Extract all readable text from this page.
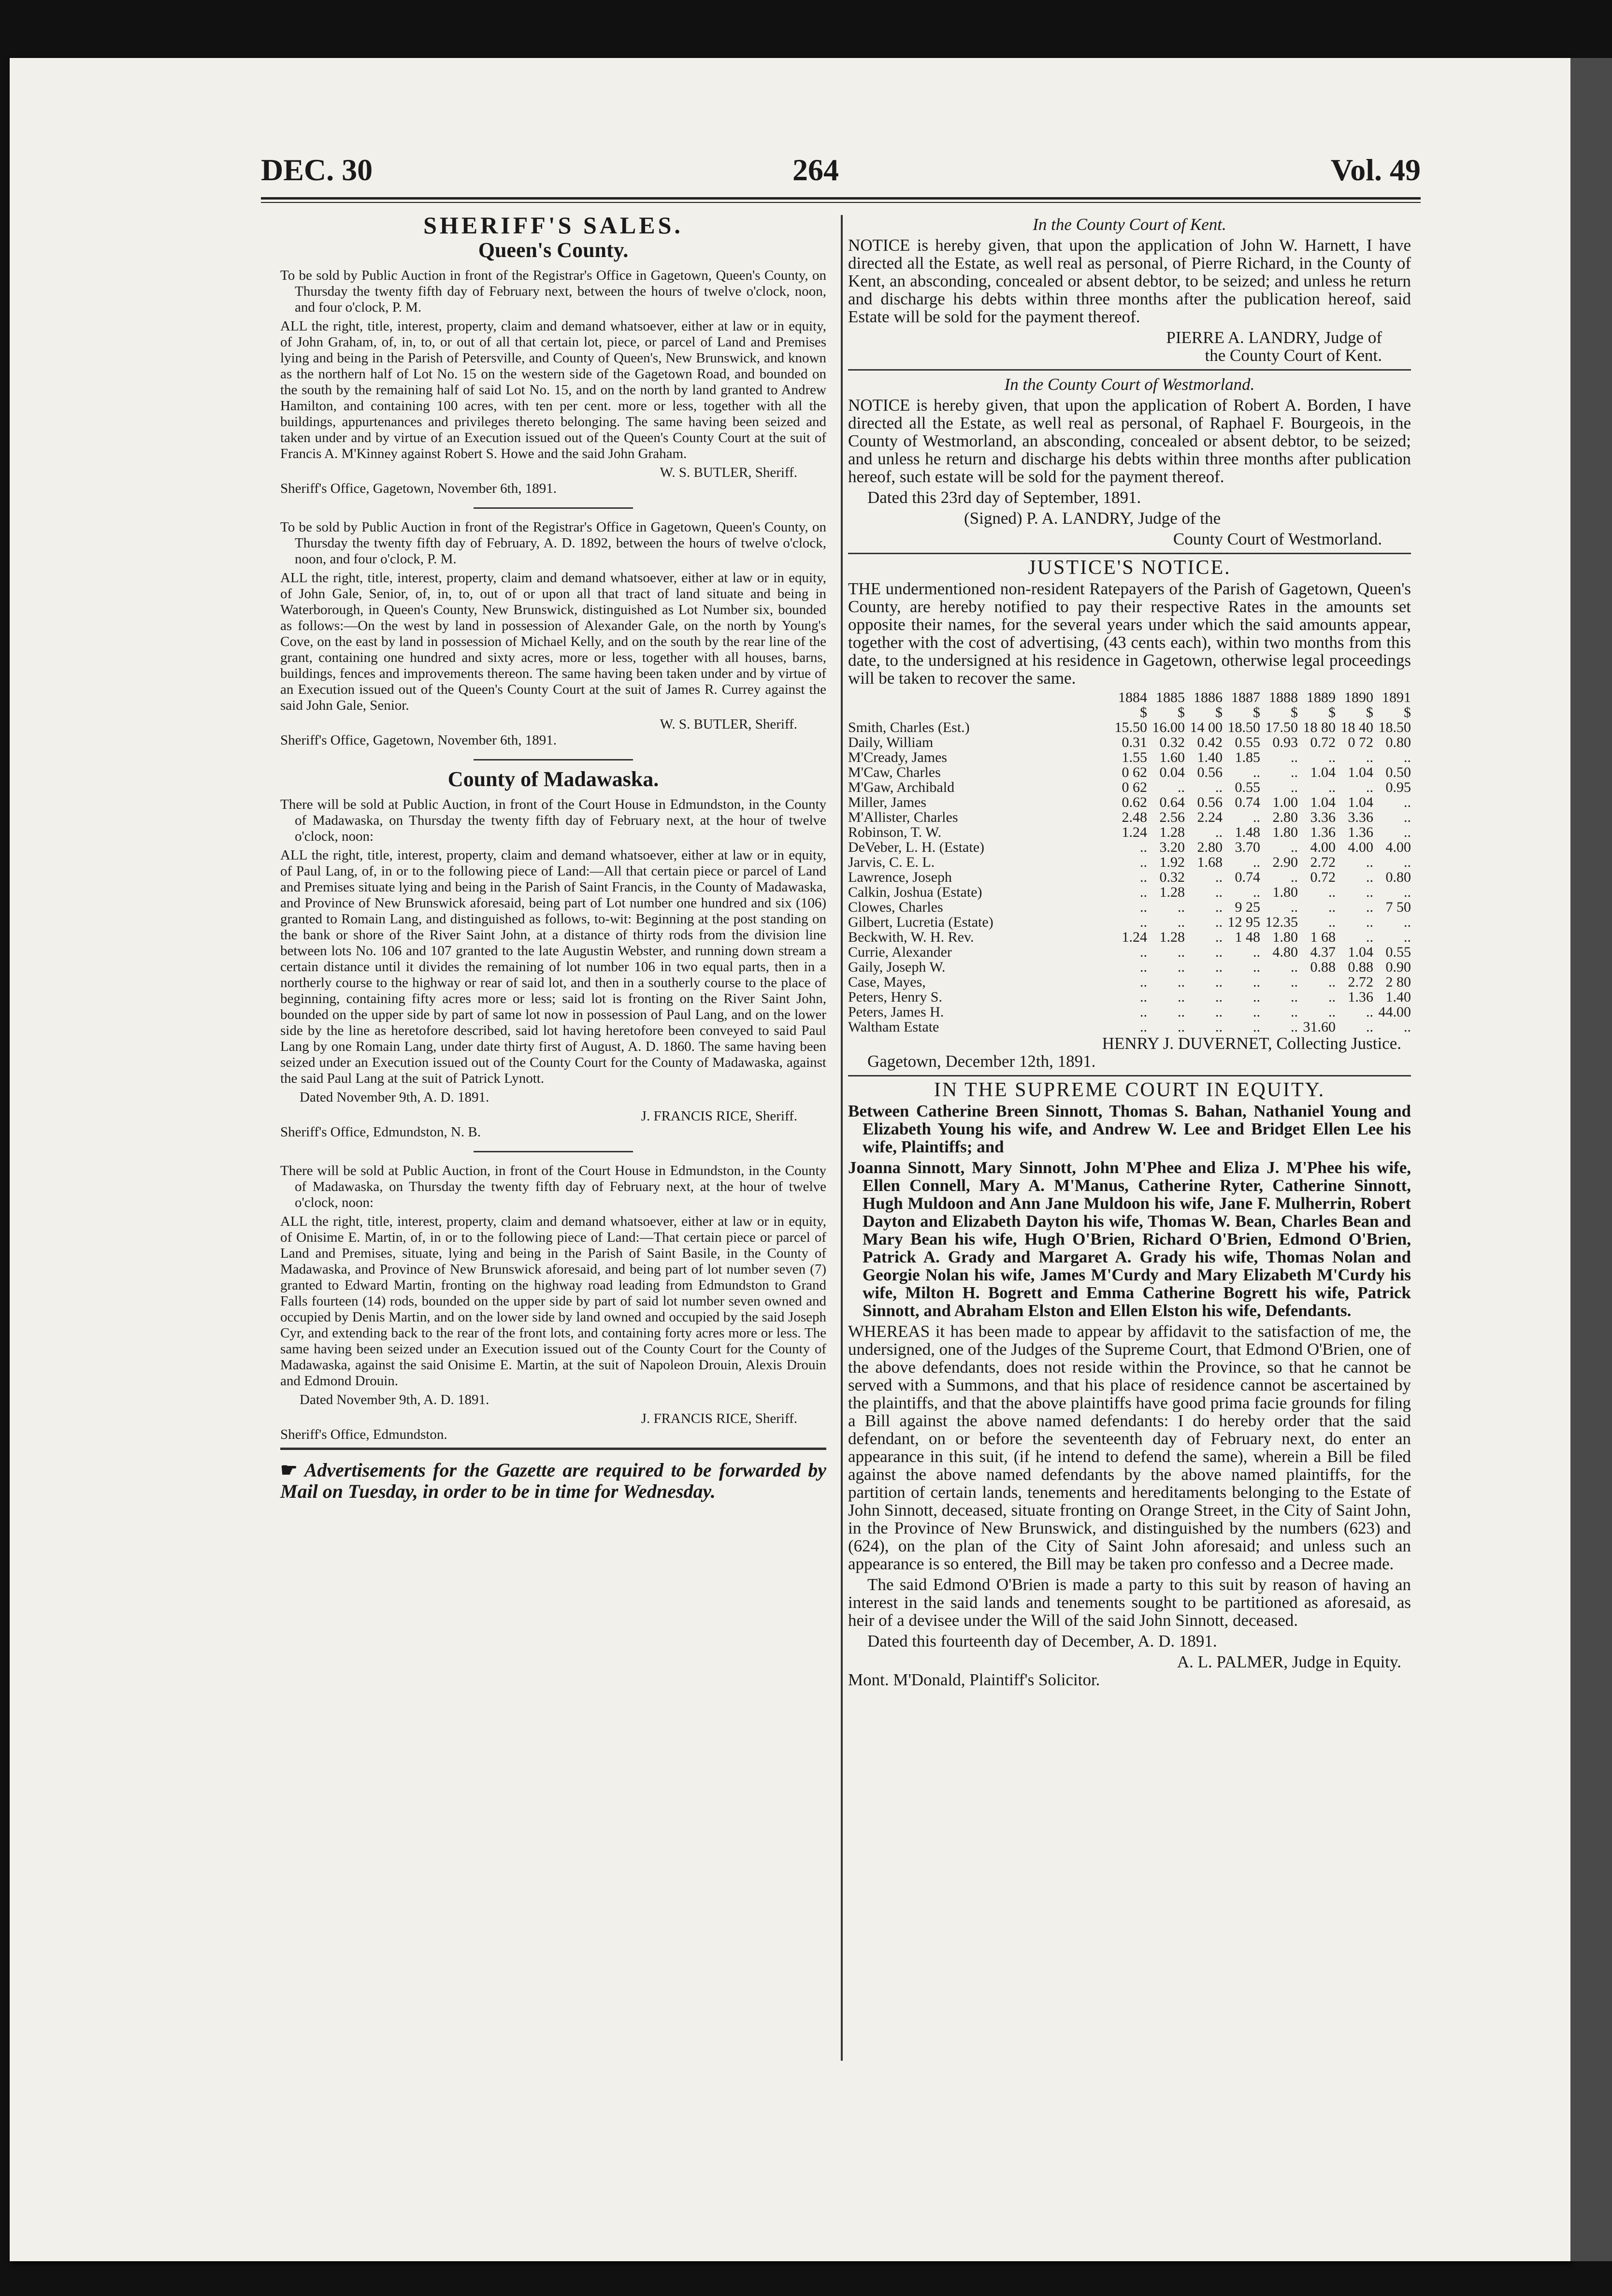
DEC. 30	264	Vol. 49
SHERIFF'S SALES.
Queen's County.
To be sold by Public Auction in front of the Registrar's Office in Gagetown, Queen's County, on Thursday the twenty fifth day of February next, between the hours of twelve o'clock, noon, and four o'clock, P. M.
ALL the right, title, interest, property, claim and demand whatsoever, either at law or in equity, of John Graham, of, in, to, or out of all that certain lot, piece, or parcel of Land and Premises lying and being in the Parish of Petersville, and County of Queen's, New Brunswick, and known as the northern half of Lot No. 15 on the western side of the Gagetown Road, and bounded on the south by the remaining half of said Lot No. 15, and on the north by land granted to Andrew Hamilton, and containing 100 acres, with ten per cent. more or less, together with all the buildings, appurtenances and privileges thereto belonging. The same having been seized and taken under and by virtue of an Execution issued out of the Queen's County Court at the suit of Francis A. M'Kinney against Robert S. Howe and the said John Graham.
W. S. BUTLER, Sheriff.
Sheriff's Office, Gagetown, November 6th, 1891.
To be sold by Public Auction in front of the Registrar's Office in Gagetown, Queen's County, on Thursday the twenty fifth day of February, A. D. 1892, between the hours of twelve o'clock, noon, and four o'clock, P. M.
ALL the right, title, interest, property, claim and demand whatsoever, either at law or in equity, of John Gale, Senior, of, in, to, out of or upon all that tract of land situate and being in Waterborough, in Queen's County, New Brunswick, distinguished as Lot Number six, bounded as follows:—On the west by land in possession of Alexander Gale, on the north by Young's Cove, on the east by land in possession of Michael Kelly, and on the south by the rear line of the grant, containing one hundred and sixty acres, more or less, together with all houses, barns, buildings, fences and improvements thereon. The same having been taken under and by virtue of an Execution issued out of the Queen's County Court at the suit of James R. Currey against the said John Gale, Senior.
W. S. BUTLER, Sheriff.
Sheriff's Office, Gagetown, November 6th, 1891.
County of Madawaska.
There will be sold at Public Auction, in front of the Court House in Edmundston, in the County of Madawaska, on Thursday the twenty fifth day of February next, at the hour of twelve o'clock, noon:
ALL the right, title, interest, property, claim and demand whatsoever, either at law or in equity, of Paul Lang, of, in or to the following piece of Land:—All that certain piece or parcel of Land and Premises situate lying and being in the Parish of Saint Francis, in the County of Madawaska, and Province of New Brunswick aforesaid, being part of Lot number one hundred and six (106) granted to Romain Lang, and distinguished as follows, to-wit: Beginning at the post standing on the bank or shore of the River Saint John, at a distance of thirty rods from the division line between lots No. 106 and 107 granted to the late Augustin Webster, and running down stream a certain distance until it divides the remaining of lot number 106 in two equal parts, then in a northerly course to the highway or rear of said lot, and then in a southerly course to the place of beginning, containing fifty acres more or less; said lot is fronting on the River Saint John, bounded on the upper side by part of same lot now in possession of Paul Lang, and on the lower side by the line as heretofore described, said lot having heretofore been conveyed to said Paul Lang by one Romain Lang, under date thirty first of August, A. D. 1860. The same having been seized under an Execution issued out of the County Court for the County of Madawaska, against the said Paul Lang at the suit of Patrick Lynott.
Dated November 9th, A. D. 1891.
J. FRANCIS RICE, Sheriff.
Sheriff's Office, Edmundston, N. B.
There will be sold at Public Auction, in front of the Court House in Edmundston, in the County of Madawaska, on Thursday the twenty fifth day of February next, at the hour of twelve o'clock, noon:
ALL the right, title, interest, property, claim and demand whatsoever, either at law or in equity, of Onisime E. Martin, of, in or to the following piece of Land:—That certain piece or parcel of Land and Premises, situate, lying and being in the Parish of Saint Basile, in the County of Madawaska, and Province of New Brunswick aforesaid, and being part of lot number seven (7) granted to Edward Martin, fronting on the highway road leading from Edmundston to Grand Falls fourteen (14) rods, bounded on the upper side by part of said lot number seven owned and occupied by Denis Martin, and on the lower side by land owned and occupied by the said Joseph Cyr, and extending back to the rear of the front lots, and containing forty acres more or less. The same having been seized under an Execution issued out of the County Court for the County of Madawaska, against the said Onisime E. Martin, at the suit of Napoleon Drouin, Alexis Drouin and Edmond Drouin.
Dated November 9th, A. D. 1891.
J. FRANCIS RICE, Sheriff.
Sheriff's Office, Edmundston.
☛ Advertisements for the Gazette are required to be forwarded by Mail on Tuesday, in order to be in time for Wednesday.
In the County Court of Kent.
NOTICE is hereby given, that upon the application of John W. Harnett, I have directed all the Estate, as well real as personal, of Pierre Richard, in the County of Kent, an absconding, concealed or absent debtor, to be seized; and unless he return and discharge his debts within three months after the publication hereof, said Estate will be sold for the payment thereof.
PIERRE A. LANDRY, Judge of
the County Court of Kent.
In the County Court of Westmorland.
NOTICE is hereby given, that upon the application of Robert A. Borden, I have directed all the Estate, as well real as personal, of Raphael F. Bourgeois, in the County of Westmorland, an absconding, concealed or absent debtor, to be seized; and unless he return and discharge his debts within three months after publication hereof, such estate will be sold for the payment thereof.
Dated this 23rd day of September, 1891.
(Signed) P. A. LANDRY, Judge of the
County Court of Westmorland.
JUSTICE'S NOTICE.
THE undermentioned non-resident Ratepayers of the Parish of Gagetown, Queen's County, are hereby notified to pay their respective Rates in the amounts set opposite their names, for the several years under which the said amounts appear, together with the cost of advertising, (43 cents each), within two months from this date, to the undersigned at his residence in Gagetown, otherwise legal proceedings will be taken to recover the same.
	1884	1885	1886	1887	1888	1889	1890	1891
	$	$	$	$	$	$	$	$
Smith, Charles (Est.)	15.50	16.00	14 00	18.50	17.50	18 80	18 40	18.50
Daily, William	0.31	0.32	0.42	0.55	0.93	0.72	0 72	0.80
M'Cready, James	1.55	1.60	1.40	1.85	..	..	..	..
M'Caw, Charles	0 62	0.04	0.56	..	..	1.04	1.04	0.50
M'Gaw, Archibald	0 62	..	..	0.55	..	..	..	0.95
Miller, James	0.62	0.64	0.56	0.74	1.00	1.04	1.04	..
M'Allister, Charles	2.48	2.56	2.24	..	2.80	3.36	3.36	..
Robinson, T. W.	1.24	1.28	..	1.48	1.80	1.36	1.36	..
DeVeber, L. H. (Estate)	..	3.20	2.80	3.70	..	4.00	4.00	4.00
Jarvis, C. E. L.	..	1.92	1.68	..	2.90	2.72	..	..
Lawrence, Joseph	..	0.32	..	0.74	..	0.72	..	0.80
Calkin, Joshua (Estate)	..	1.28	..	..	1.80	..	..	..
Clowes, Charles	..	..	..	9 25	..	..	..	7 50
Gilbert, Lucretia (Estate)	..	..	..	12 95	12.35	..	..	..
Beckwith, W. H. Rev.	1.24	1.28	..	1 48	1.80	1 68	..	..
Currie, Alexander	..	..	..	..	4.80	4.37	1.04	0.55
Gaily, Joseph W.	..	..	..	..	..	0.88	0.88	0.90
Case, Mayes,	..	..	..	..	..	..	2.72	2 80
Peters, Henry S.	..	..	..	..	..	..	1.36	1.40
Peters, James H.	..	..	..	..	..	..	..	44.00
Waltham Estate	..	..	..	..	..	31.60	..	..
HENRY J. DUVERNET, Collecting Justice.
Gagetown, December 12th, 1891.
IN THE SUPREME COURT IN EQUITY.
Between Catherine Breen Sinnott, Thomas S. Bahan, Nathaniel Young and Elizabeth Young his wife, and Andrew W. Lee and Bridget Ellen Lee his wife, Plaintiffs; and
Joanna Sinnott, Mary Sinnott, John M'Phee and Eliza J. M'Phee his wife, Ellen Connell, Mary A. M'Manus, Catherine Ryter, Catherine Sinnott, Hugh Muldoon and Ann Jane Muldoon his wife, Jane F. Mulherrin, Robert Dayton and Elizabeth Dayton his wife, Thomas W. Bean, Charles Bean and Mary Bean his wife, Hugh O'Brien, Richard O'Brien, Edmond O'Brien, Patrick A. Grady and Margaret A. Grady his wife, Thomas Nolan and Georgie Nolan his wife, James M'Curdy and Mary Elizabeth M'Curdy his wife, Milton H. Bogrett and Emma Catherine Bogrett his wife, Patrick Sinnott, and Abraham Elston and Ellen Elston his wife, Defendants.
WHEREAS it has been made to appear by affidavit to the satisfaction of me, the undersigned, one of the Judges of the Supreme Court, that Edmond O'Brien, one of the above defendants, does not reside within the Province, so that he cannot be served with a Summons, and that his place of residence cannot be ascertained by the plaintiffs, and that the above plaintiffs have good prima facie grounds for filing a Bill against the above named defendants: I do hereby order that the said defendant, on or before the seventeenth day of February next, do enter an appearance in this suit, (if he intend to defend the same), wherein a Bill be filed against the above named defendants by the above named plaintiffs, for the partition of certain lands, tenements and hereditaments belonging to the Estate of John Sinnott, deceased, situate fronting on Orange Street, in the City of Saint John, in the Province of New Brunswick, and distinguished by the numbers (623) and (624), on the plan of the City of Saint John aforesaid; and unless such an appearance is so entered, the Bill may be taken pro confesso and a Decree made.
The said Edmond O'Brien is made a party to this suit by reason of having an interest in the said lands and tenements sought to be partitioned as aforesaid, as heir of a devisee under the Will of the said John Sinnott, deceased.
Dated this fourteenth day of December, A. D. 1891.
A. L. PALMER, Judge in Equity.
Mont. M'Donald, Plaintiff's Solicitor.
